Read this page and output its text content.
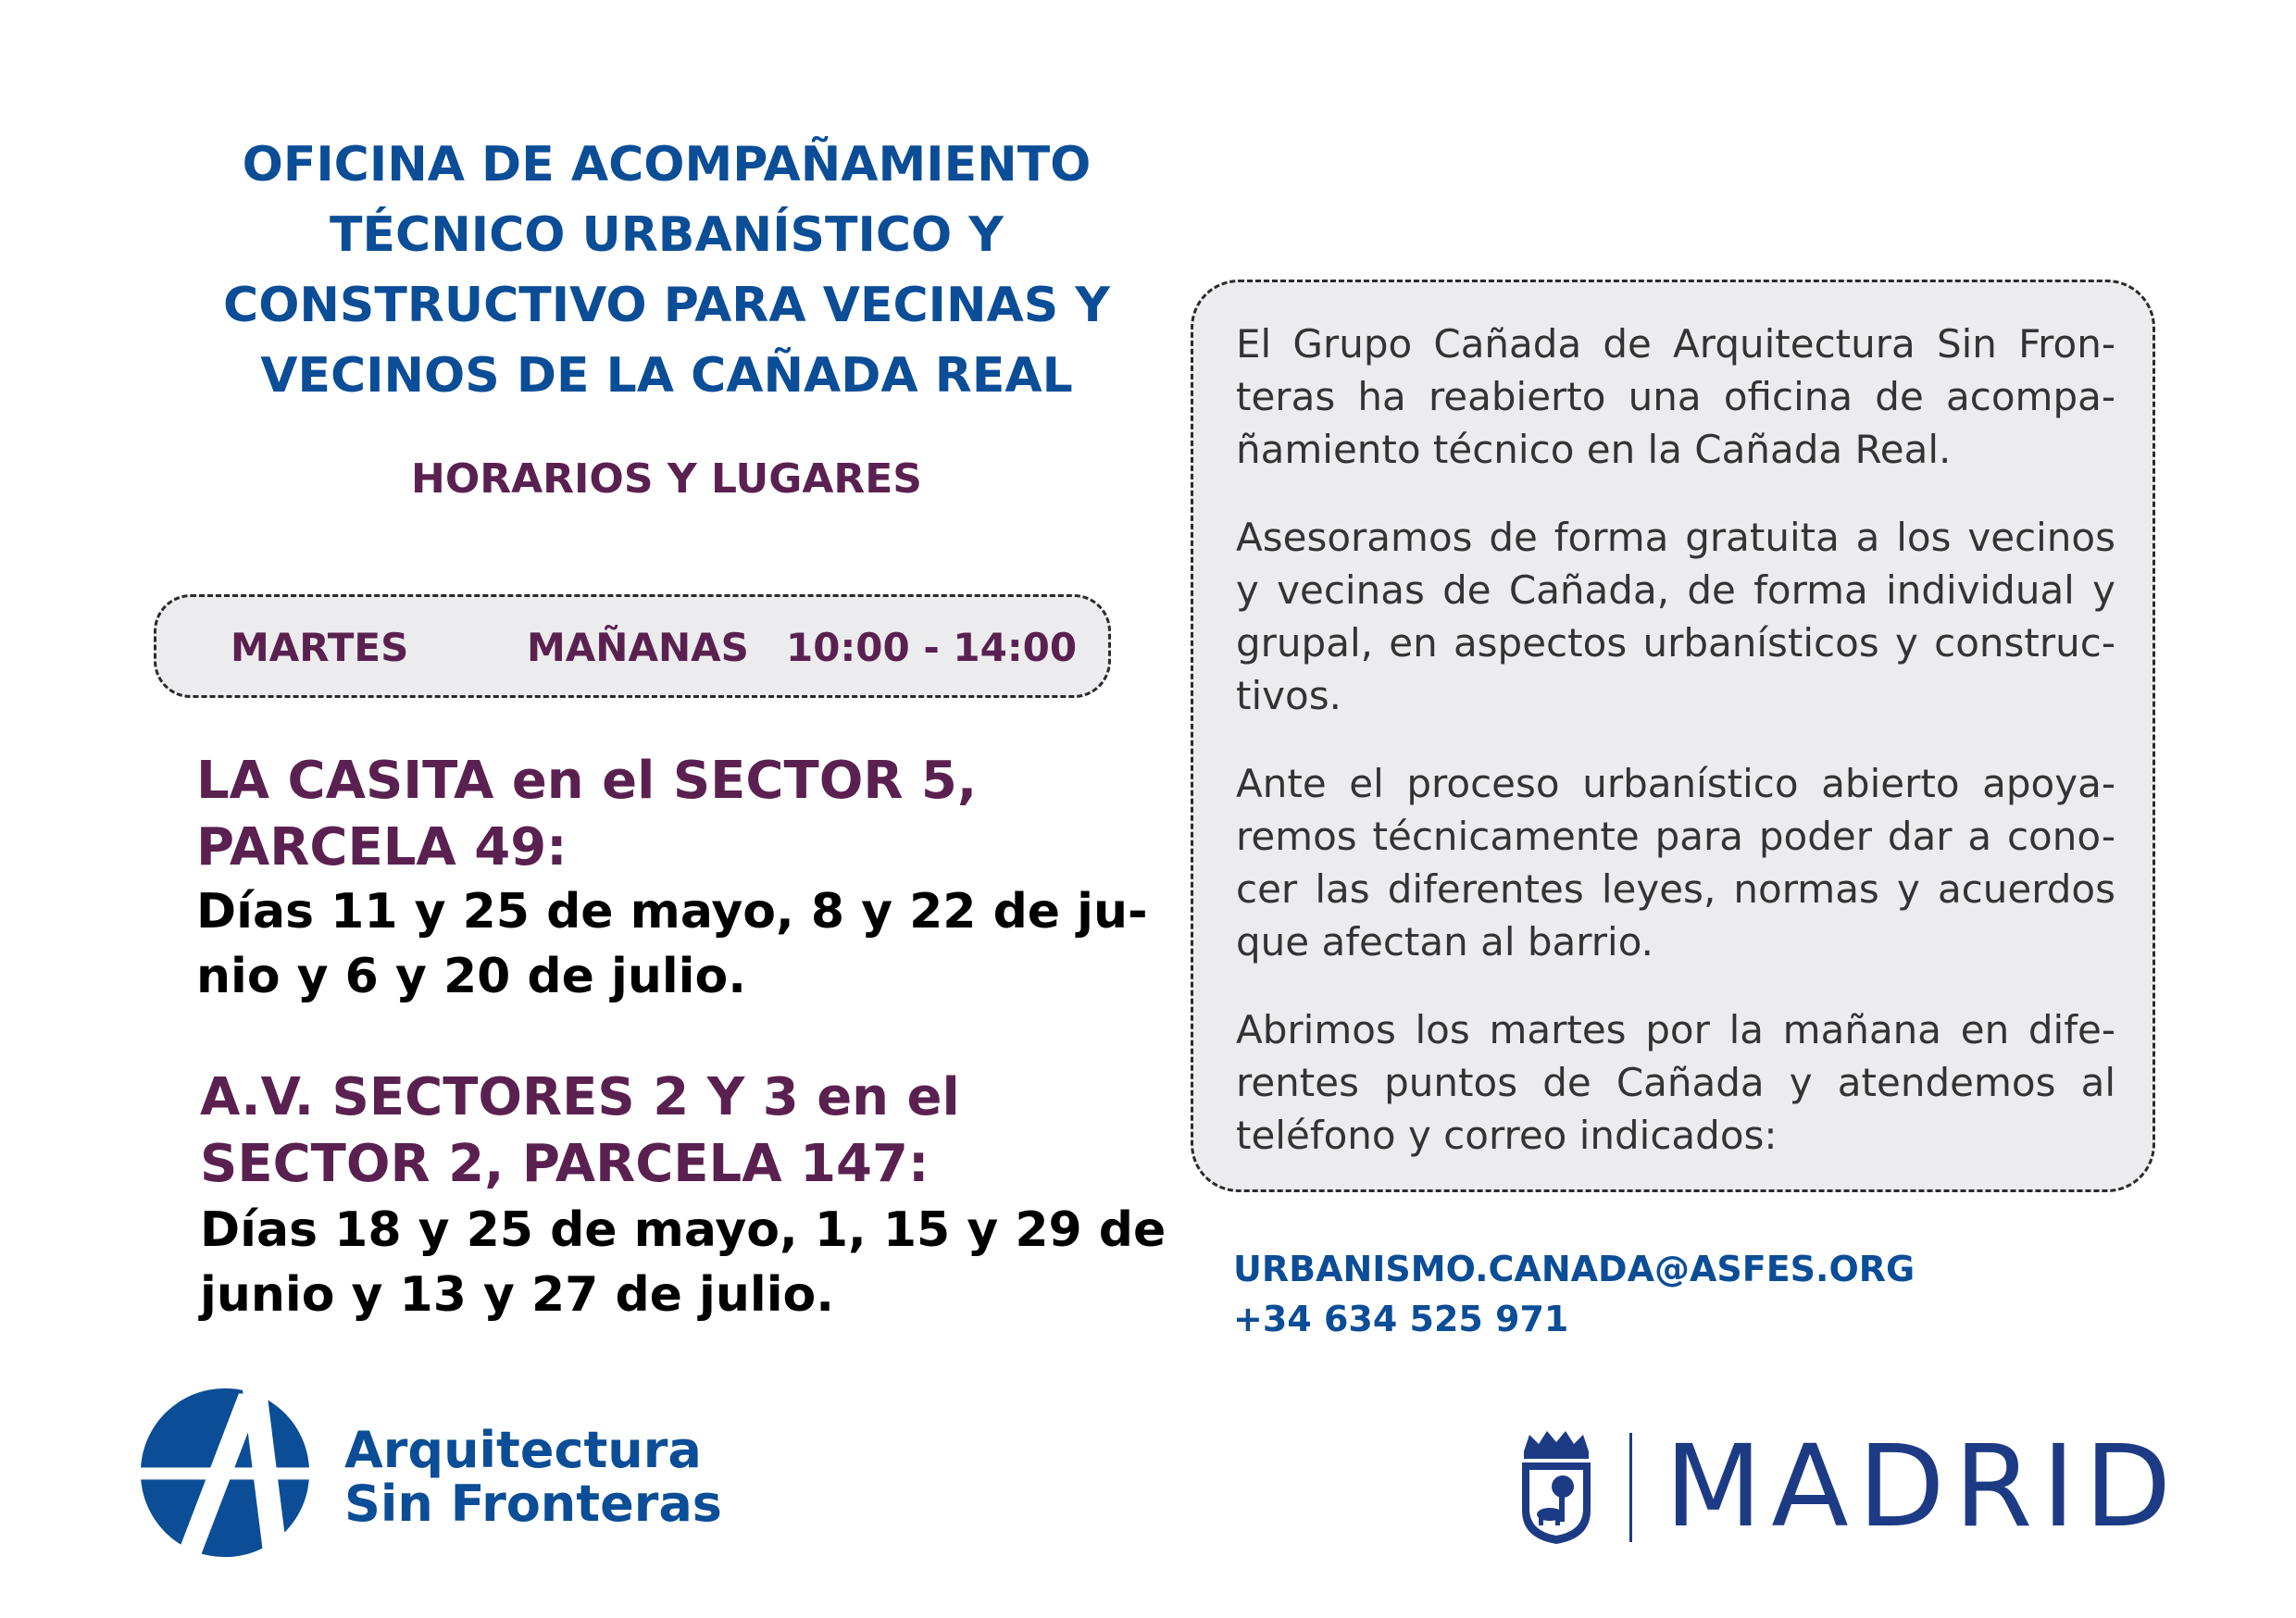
OFICINA DE ACOMPAÑAMIENTO
TÉCNICO URBANÍSTICO Y
CONSTRUCTIVO PARA VECINAS Y
VECINOS DE LA CAÑADA REAL
HORARIOS Y LUGARES
MARTES	MAÑANAS 10:00 - 14:00
LA CASITA en el SECTOR 5,
PARCELA 49:
Días 11 y 25 de mayo, 8 y 22 de ju-
nio y 6 y 20 de julio.
A.V. SECTORES 2 Y 3 en el
SECTOR 2, PARCELA 147:
Días 18 y 25 de mayo, 1, 15 y 29 de
junio y 13 y 27 de julio.

El Grupo Cañada de Arquitectura Sin Fron-
teras ha reabierto una oficina de acompa-
ñamiento técnico en la Cañada Real.

Asesoramos de forma gratuita a los vecinos
y vecinas de Cañada, de forma individual y
grupal, en aspectos urbanísticos y construc-
tivos.

Ante el proceso urbanístico abierto apoya-
remos técnicamente para poder dar a cono-
cer las diferentes leyes, normas y acuerdos
que afectan al barrio.

Abrimos los martes por la mañana en dife-
rentes puntos de Cañada y atendemos al
teléfono y correo indicados:

URBANISMO.CANADA@ASFES.ORG
+34 634 525 971
Arquitectura
Sin Fronteras	MADRID
